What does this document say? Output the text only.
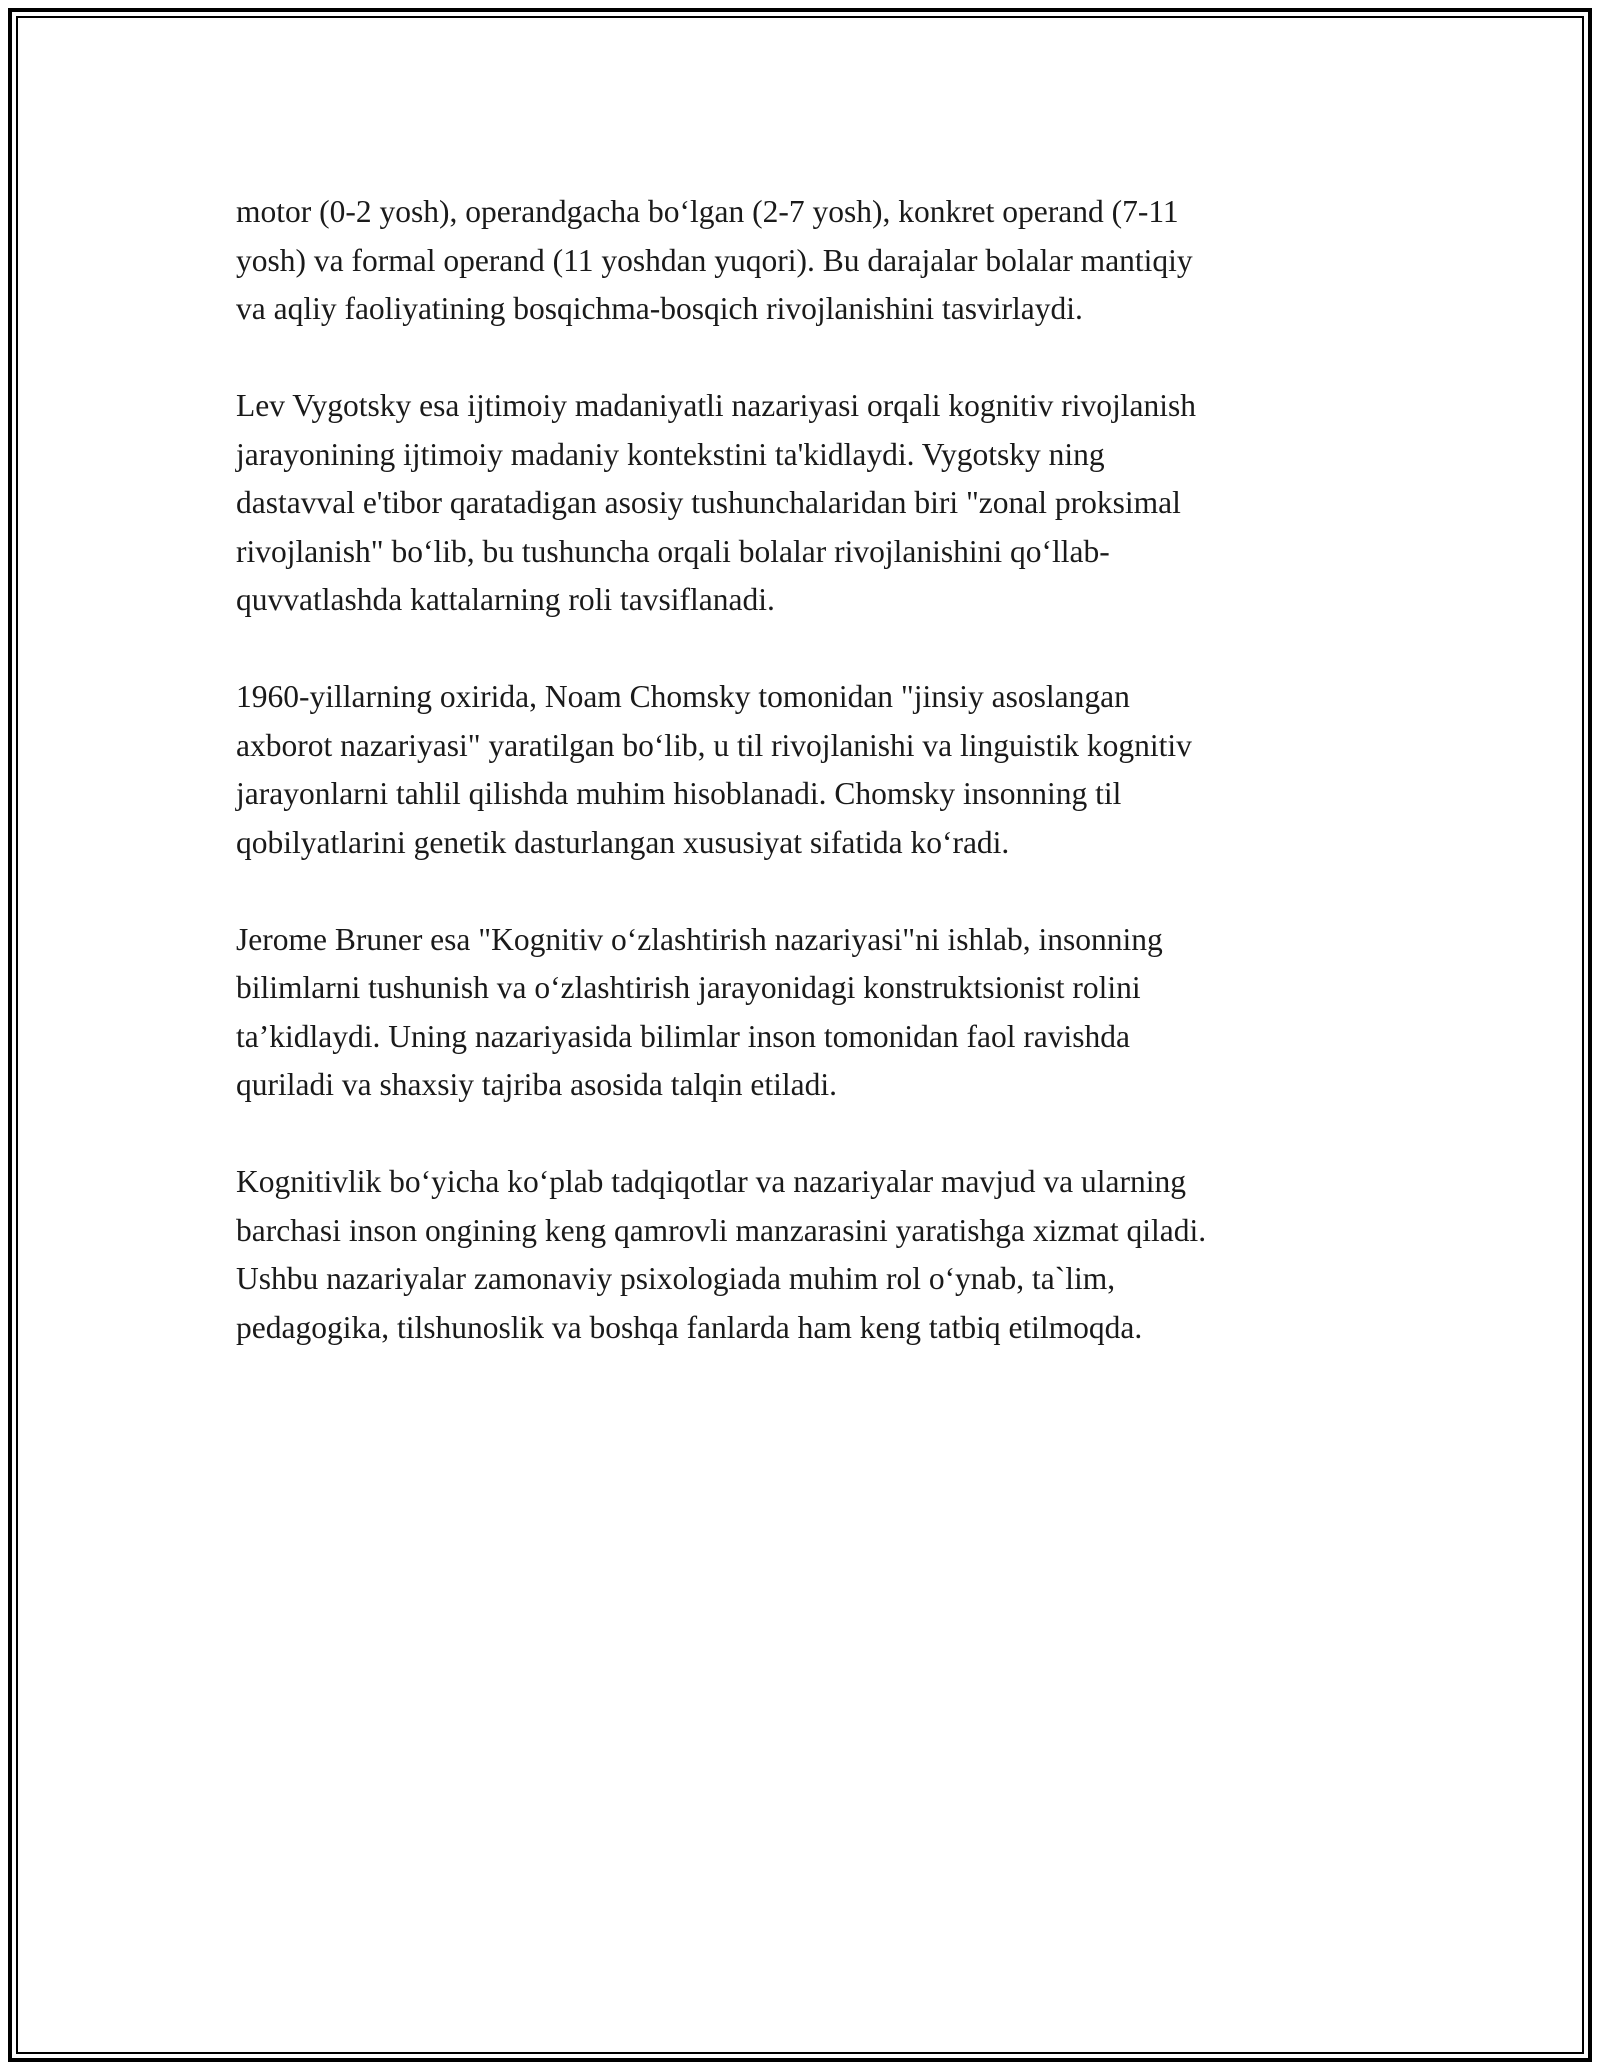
motor (0-2 yosh), operandgacha bo‘lgan (2-7 yosh), konkret operand (7-11
yosh) va formal operand (11 yoshdan yuqori). Bu darajalar bolalar mantiqiy
va aqliy faoliyatining bosqichma-bosqich rivojlanishini tasvirlaydi.

Lev Vygotsky esa ijtimoiy madaniyatli nazariyasi orqali kognitiv rivojlanish
jarayonining ijtimoiy madaniy kontekstini ta'kidlaydi. Vygotsky ning
dastavval e'tibor qaratadigan asosiy tushunchalaridan biri "zonal proksimal
rivojlanish" bo‘lib, bu tushuncha orqali bolalar rivojlanishini qo‘llab-
quvvatlashda kattalarning roli tavsiflanadi.

1960-yillarning oxirida, Noam Chomsky tomonidan "jinsiy asoslangan
axborot nazariyasi" yaratilgan bo‘lib, u til rivojlanishi va linguistik kognitiv
jarayonlarni tahlil qilishda muhim hisoblanadi. Chomsky insonning til
qobilyatlarini genetik dasturlangan xususiyat sifatida ko‘radi.

Jerome Bruner esa "Kognitiv o‘zlashtirish nazariyasi"ni ishlab, insonning
bilimlarni tushunish va o‘zlashtirish jarayonidagi konstruktsionist rolini
ta’kidlaydi. Uning nazariyasida bilimlar inson tomonidan faol ravishda
quriladi va shaxsiy tajriba asosida talqin etiladi.

Kognitivlik bo‘yicha ko‘plab tadqiqotlar va nazariyalar mavjud va ularning
barchasi inson ongining keng qamrovli manzarasini yaratishga xizmat qiladi.
Ushbu nazariyalar zamonaviy psixologiada muhim rol o‘ynab, ta`lim,
pedagogika, tilshunoslik va boshqa fanlarda ham keng tatbiq etilmoqda.
